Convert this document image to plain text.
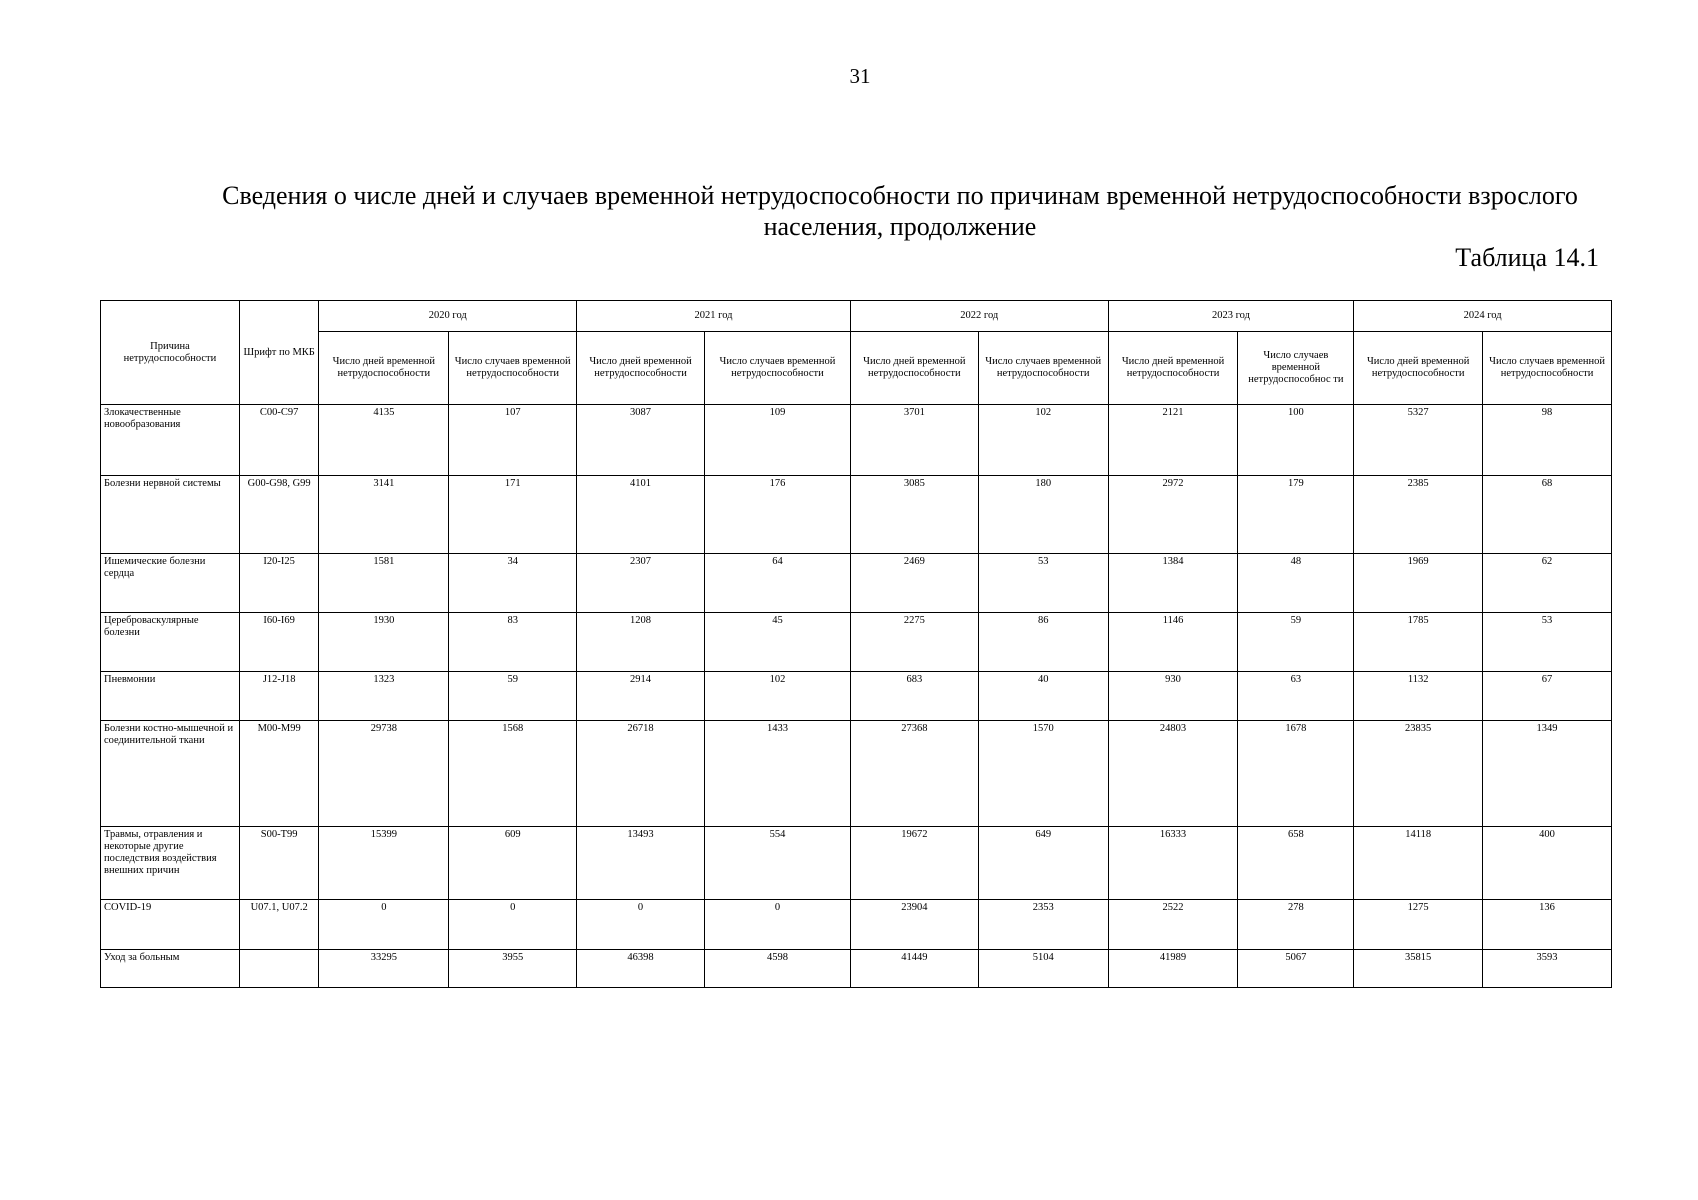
31
Сведения о числе дней и случаев временной нетрудоспособности по причинам временной нетрудоспособности взрослого населения, продолжение
Таблица 14.1
Причина нетрудоспособности	Шрифт по МКБ	2020 год		2021 год		2022 год		2023 год		2024 год	
		Число дней временной нетрудоспособности	Число случаев временной нетрудоспособности	Число дней временной нетрудоспособности	Число случаев временной нетрудоспособности	Число дней временной нетрудоспособности	Число случаев временной нетрудоспособности	Число дней временной нетрудоспособности	Число случаев временной нетрудоспособнос ти	Число дней временной нетрудоспособности	Число случаев временной нетрудоспособности
Злокачественные новообразования	C00-C97	4135	107	3087	109	3701	102	2121	100	5327	98
Болезни нервной системы	G00-G98, G99	3141	171	4101	176	3085	180	2972	179	2385	68
Ишемические болезни сердца	I20-I25	1581	34	2307	64	2469	53	1384	48	1969	62
Цереброваскулярные болезни	I60-I69	1930	83	1208	45	2275	86	1146	59	1785	53
Пневмонии	J12-J18	1323	59	2914	102	683	40	930	63	1132	67
Болезни костно-мышечной и соединительной ткани	M00-M99	29738	1568	26718	1433	27368	1570	24803	1678	23835	1349
Травмы, отравления и некоторые другие последствия воздействия внешних причин	S00-T99	15399	609	13493	554	19672	649	16333	658	14118	400
COVID-19	U07.1, U07.2	0	0	0	0	23904	2353	2522	278	1275	136
Уход за больным		33295	3955	46398	4598	41449	5104	41989	5067	35815	3593
